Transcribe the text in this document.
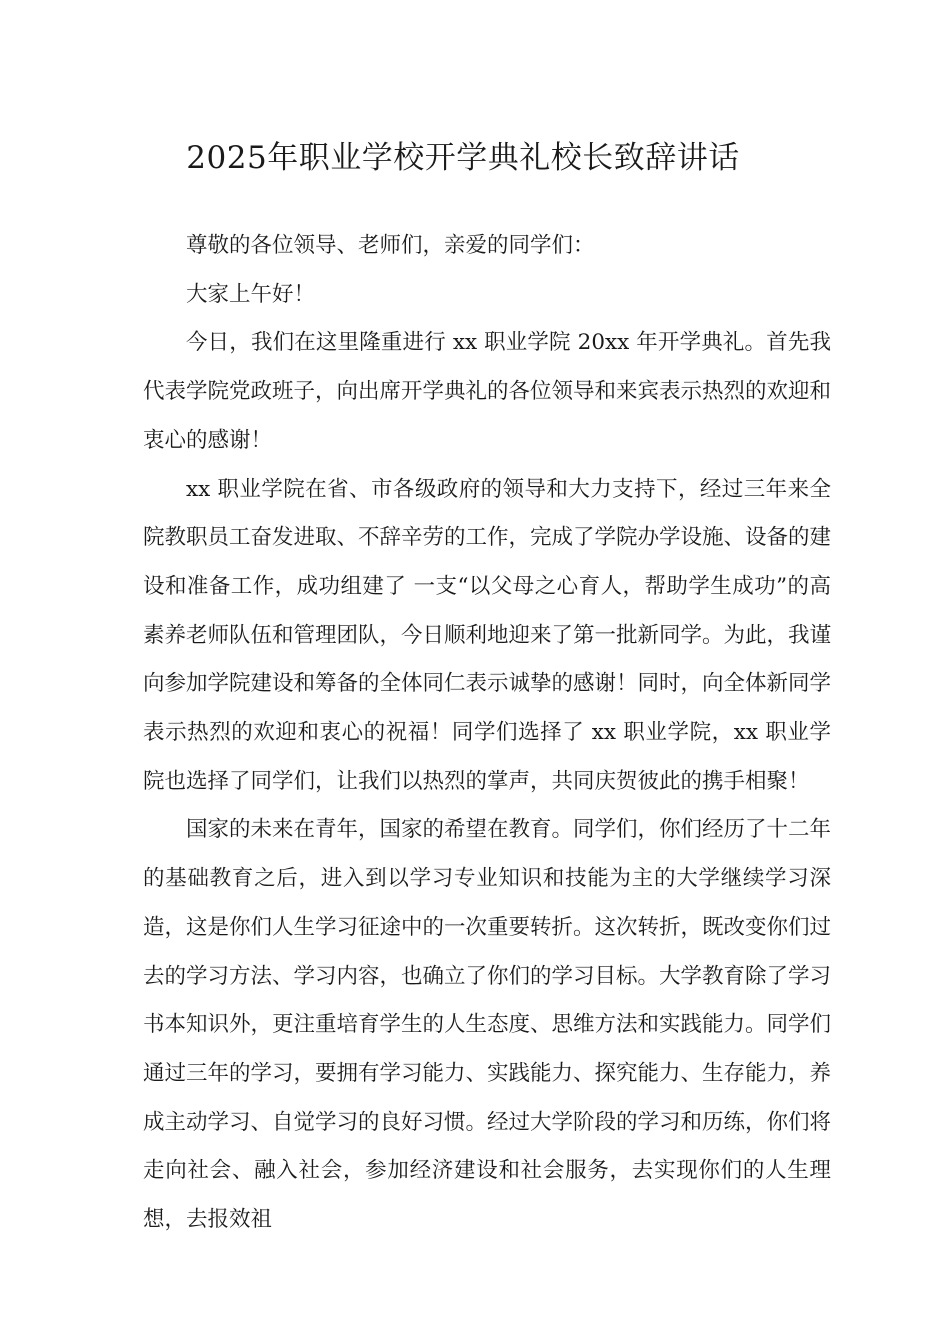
2025年职业学校开学典礼校长致辞讲话

尊敬的各位领导、老师们，亲爱的同学们：

大家上午好！

今日，我们在这里隆重进行 xx 职业学院 20xx 年开学典礼。首先我代表学院党政班子，向出席开学典礼的各位领导和来宾表示热烈的欢迎和衷心的感谢！

xx 职业学院在省、市各级政府的领导和大力支持下，经过三年来全院教职员工奋发进取、不辞辛劳的工作，完成了学院办学设施、设备的建设和准备工作，成功组建了 一支“以父母之心育人，帮助学生成功”的高素养老师队伍和管理团队，今日顺利地迎来了第一批新同学。为此，我谨向参加学院建设和筹备的全体同仁表示诚挚的感谢！同时，向全体新同学表示热烈的欢迎和衷心的祝福！同学们选择了 xx 职业学院，xx 职业学院也选择了同学们，让我们以热烈的掌声，共同庆贺彼此的携手相聚！

国家的未来在青年，国家的希望在教育。同学们，你们经历了十二年的基础教育之后，进入到以学习专业知识和技能为主的大学继续学习深造，这是你们人生学习征途中的一次重要转折。这次转折，既改变你们过去的学习方法、学习内容，也确立了你们的学习目标。大学教育除了学习书本知识外，更注重培育学生的人生态度、思维方法和实践能力。同学们通过三年的学习，要拥有学习能力、实践能力、探究能力、生存能力，养成主动学习、自觉学习的良好习惯。经过大学阶段的学习和历练，你们将走向社会、融入社会，参加经济建设和社会服务，去实现你们的人生理想，去报效祖
